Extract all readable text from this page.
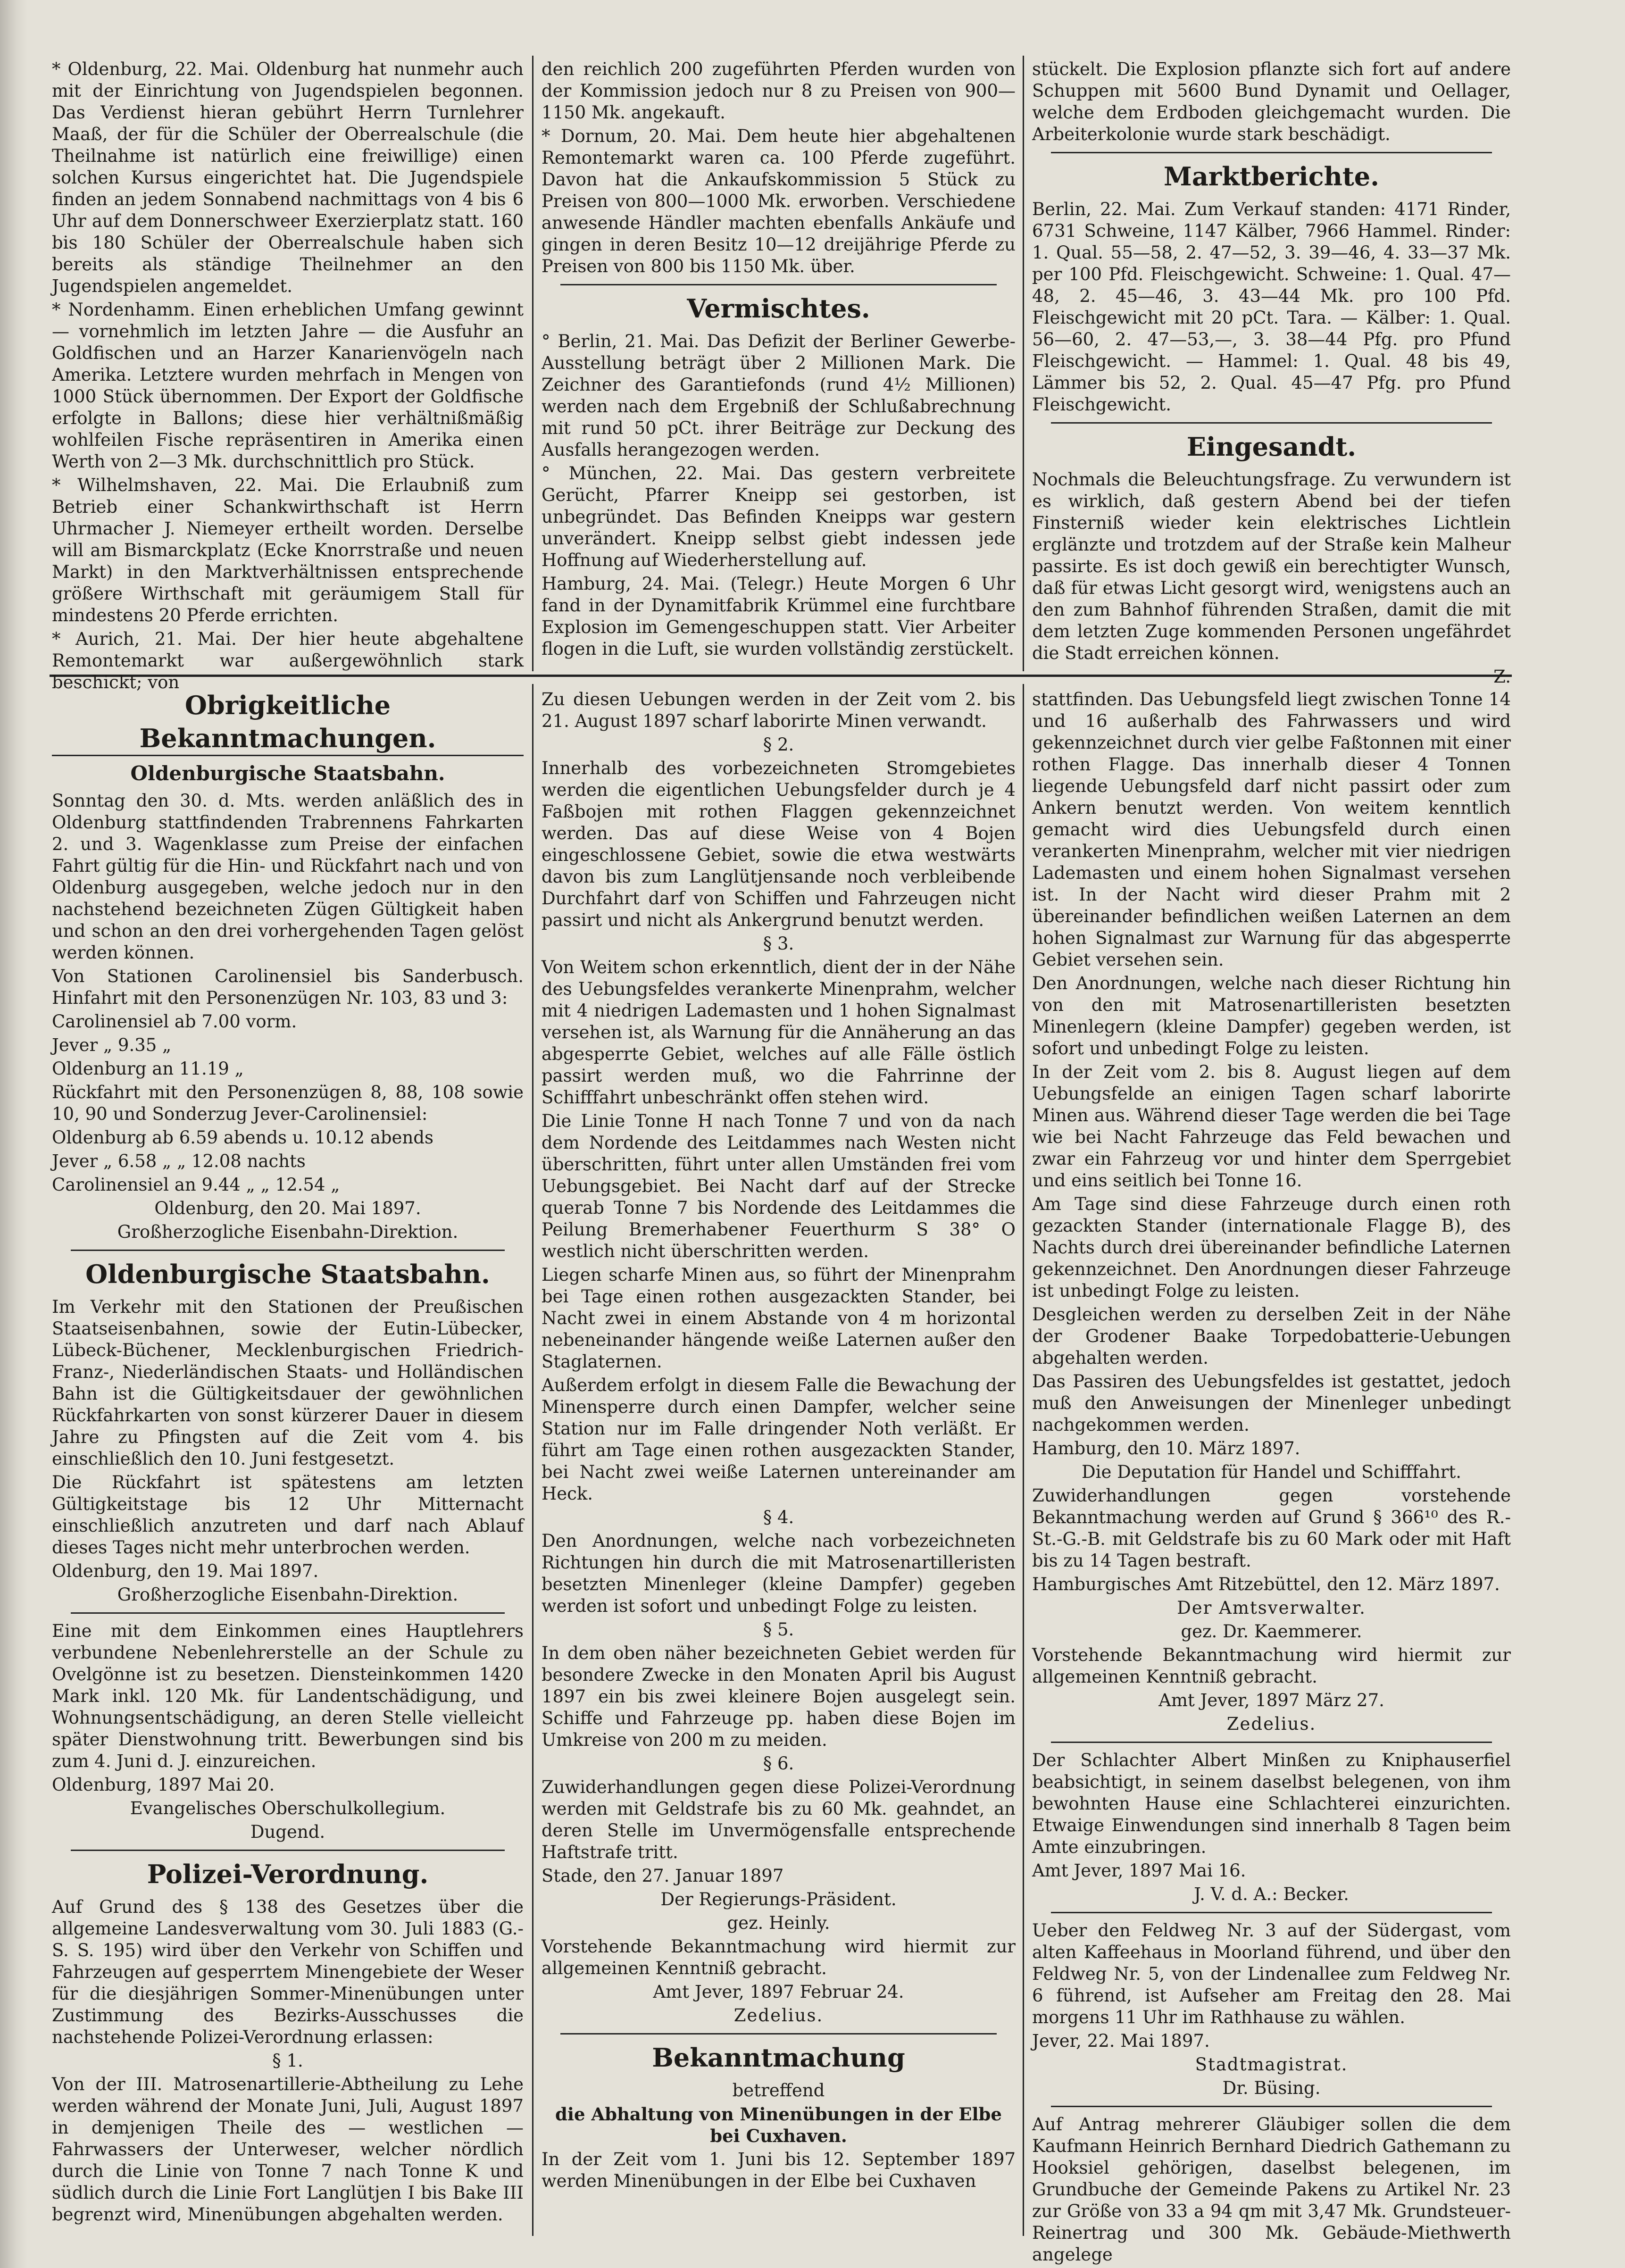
* Oldenburg, 22. Mai. Oldenburg hat nunmehr auch mit der Einrichtung von Jugendspielen begonnen. Das Verdienst hieran gebührt Herrn Turnlehrer Maaß, der für die Schüler der Oberrealschule (die Theilnahme ist natürlich eine freiwillige) einen solchen Kursus eingerichtet hat. Die Jugendspiele finden an jedem Sonnabend nachmittags von 4 bis 6 Uhr auf dem Donnerschweer Exerzierplatz statt. 160 bis 180 Schüler der Oberrealschule haben sich bereits als ständige Theilnehmer an den Jugendspielen angemeldet.

* Nordenhamm. Einen erheblichen Umfang gewinnt — vornehmlich im letzten Jahre — die Ausfuhr an Goldfischen und an Harzer Kanarienvögeln nach Amerika. Letztere wurden mehrfach in Mengen von 1000 Stück übernommen. Der Export der Goldfische erfolgte in Ballons; diese hier verhältnißmäßig wohlfeilen Fische repräsentiren in Amerika einen Werth von 2—3 Mk. durchschnittlich pro Stück.

* Wilhelmshaven, 22. Mai. Die Erlaubniß zum Betrieb einer Schankwirthschaft ist Herrn Uhrmacher J. Niemeyer ertheilt worden. Derselbe will am Bismarckplatz (Ecke Knorrstraße und neuen Markt) in den Marktverhältnissen entsprechende größere Wirthschaft mit geräumigem Stall für mindestens 20 Pferde errichten.

* Aurich, 21. Mai. Der hier heute abgehaltene Remontemarkt war außergewöhnlich stark beschickt; von

den reichlich 200 zugeführten Pferden wurden von der Kommission jedoch nur 8 zu Preisen von 900—1150 Mk. angekauft.

* Dornum, 20. Mai. Dem heute hier abgehaltenen Remontemarkt waren ca. 100 Pferde zugeführt. Davon hat die Ankaufskommission 5 Stück zu Preisen von 800—1000 Mk. erworben. Verschiedene anwesende Händler machten ebenfalls Ankäufe und gingen in deren Besitz 10—12 dreijährige Pferde zu Preisen von 800 bis 1150 Mk. über.

Vermischtes.

° Berlin, 21. Mai. Das Defizit der Berliner Gewerbe-Ausstellung beträgt über 2 Millionen Mark. Die Zeichner des Garantiefonds (rund 4½ Millionen) werden nach dem Ergebniß der Schlußabrechnung mit rund 50 pCt. ihrer Beiträge zur Deckung des Ausfalls herangezogen werden.

° München, 22. Mai. Das gestern verbreitete Gerücht, Pfarrer Kneipp sei gestorben, ist unbegründet. Das Befinden Kneipps war gestern unverändert. Kneipp selbst giebt indessen jede Hoffnung auf Wiederherstellung auf.

Hamburg, 24. Mai. (Telegr.) Heute Morgen 6 Uhr fand in der Dynamitfabrik Krümmel eine furchtbare Explosion im Gemengeschuppen statt. Vier Arbeiter flogen in die Luft, sie wurden vollständig zerstückelt.

stückelt. Die Explosion pflanzte sich fort auf andere Schuppen mit 5600 Bund Dynamit und Oellager, welche dem Erdboden gleichgemacht wurden. Die Arbeiterkolonie wurde stark beschädigt.

Marktberichte.

Berlin, 22. Mai. Zum Verkauf standen: 4171 Rinder, 6731 Schweine, 1147 Kälber, 7966 Hammel. Rinder: 1. Qual. 55—58, 2. 47—52, 3. 39—46, 4. 33—37 Mk. per 100 Pfd. Fleischgewicht. Schweine: 1. Qual. 47—48, 2. 45—46, 3. 43—44 Mk. pro 100 Pfd. Fleischgewicht mit 20 pCt. Tara. — Kälber: 1. Qual. 56—60, 2. 47—53,—, 3. 38—44 Pfg. pro Pfund Fleischgewicht. — Hammel: 1. Qual. 48 bis 49, Lämmer bis 52, 2. Qual. 45—47 Pfg. pro Pfund Fleischgewicht.

Eingesandt.

Nochmals die Beleuchtungsfrage. Zu verwundern ist es wirklich, daß gestern Abend bei der tiefen Finsterniß wieder kein elektrisches Lichtlein erglänzte und trotzdem auf der Straße kein Malheur passirte. Es ist doch gewiß ein berechtigter Wunsch, daß für etwas Licht gesorgt wird, wenigstens auch an den zum Bahnhof führenden Straßen, damit die mit dem letzten Zuge kommenden Personen ungefährdet die Stadt erreichen können.

Z.

Obrigkeitliche Bekanntmachungen.
Oldenburgische Staatsbahn.

Sonntag den 30. d. Mts. werden anläßlich des in Oldenburg stattfindenden Trabrennens Fahrkarten 2. und 3. Wagenklasse zum Preise der einfachen Fahrt gültig für die Hin- und Rückfahrt nach und von Oldenburg ausgegeben, welche jedoch nur in den nachstehend bezeichneten Zügen Gültigkeit haben und schon an den drei vorhergehenden Tagen gelöst werden können.

Von Stationen Carolinensiel bis Sanderbusch. Hinfahrt mit den Personenzügen Nr. 103, 83 und 3:

Carolinensiel ab 7.00 vorm.

Jever „ 9.35 „

Oldenburg an 11.19 „

Rückfahrt mit den Personenzügen 8, 88, 108 sowie 10, 90 und Sonderzug Jever-Carolinensiel:

Oldenburg ab 6.59 abends u. 10.12 abends

Jever „ 6.58 „ „ 12.08 nachts

Carolinensiel an 9.44 „ „ 12.54 „

Oldenburg, den 20. Mai 1897.

Großherzogliche Eisenbahn-Direktion.

Oldenburgische Staatsbahn.

Im Verkehr mit den Stationen der Preußischen Staatseisenbahnen, sowie der Eutin-Lübecker, Lübeck-Büchener, Mecklenburgischen Friedrich-Franz-, Niederländischen Staats- und Holländischen Bahn ist die Gültigkeitsdauer der gewöhnlichen Rückfahrkarten von sonst kürzerer Dauer in diesem Jahre zu Pfingsten auf die Zeit vom 4. bis einschließlich den 10. Juni festgesetzt.

Die Rückfahrt ist spätestens am letzten Gültigkeitstage bis 12 Uhr Mitternacht einschließlich anzutreten und darf nach Ablauf dieses Tages nicht mehr unterbrochen werden.

Oldenburg, den 19. Mai 1897.

Großherzogliche Eisenbahn-Direktion.

Eine mit dem Einkommen eines Hauptlehrers verbundene Nebenlehrerstelle an der Schule zu Ovelgönne ist zu besetzen. Diensteinkommen 1420 Mark inkl. 120 Mk. für Landentschädigung, und Wohnungsentschädigung, an deren Stelle vielleicht später Dienstwohnung tritt. Bewerbungen sind bis zum 4. Juni d. J. einzureichen.

Oldenburg, 1897 Mai 20.

Evangelisches Oberschulkollegium.

Dugend.

Polizei-Verordnung.

Auf Grund des § 138 des Gesetzes über die allgemeine Landesverwaltung vom 30. Juli 1883 (G.-S. S. 195) wird über den Verkehr von Schiffen und Fahrzeugen auf gesperrtem Minengebiete der Weser für die diesjährigen Sommer-Minenübungen unter Zustimmung des Bezirks-Ausschusses die nachstehende Polizei-Verordnung erlassen:

§ 1.

Von der III. Matrosenartillerie-Abtheilung zu Lehe werden während der Monate Juni, Juli, August 1897 in demjenigen Theile des — westlichen — Fahrwassers der Unterweser, welcher nördlich durch die Linie von Tonne 7 nach Tonne K und südlich durch die Linie Fort Langlütjen I bis Bake III begrenzt wird, Minenübungen abgehalten werden.

Zu diesen Uebungen werden in der Zeit vom 2. bis 21. August 1897 scharf laborirte Minen verwandt.

§ 2.

Innerhalb des vorbezeichneten Stromgebietes werden die eigentlichen Uebungsfelder durch je 4 Faßbojen mit rothen Flaggen gekennzeichnet werden. Das auf diese Weise von 4 Bojen eingeschlossene Gebiet, sowie die etwa westwärts davon bis zum Langlütjensande noch verbleibende Durchfahrt darf von Schiffen und Fahrzeugen nicht passirt und nicht als Ankergrund benutzt werden.

§ 3.

Von Weitem schon erkenntlich, dient der in der Nähe des Uebungsfeldes verankerte Minenprahm, welcher mit 4 niedrigen Lademasten und 1 hohen Signalmast versehen ist, als Warnung für die Annäherung an das abgesperrte Gebiet, welches auf alle Fälle östlich passirt werden muß, wo die Fahrrinne der Schifffahrt unbeschränkt offen stehen wird.

Die Linie Tonne H nach Tonne 7 und von da nach dem Nordende des Leitdammes nach Westen nicht überschritten, führt unter allen Umständen frei vom Uebungsgebiet. Bei Nacht darf auf der Strecke querab Tonne 7 bis Nordende des Leitdammes die Peilung Bremerhabener Feuerthurm S 38° O westlich nicht überschritten werden.

Liegen scharfe Minen aus, so führt der Minenprahm bei Tage einen rothen ausgezackten Stander, bei Nacht zwei in einem Abstande von 4 m horizontal nebeneinander hängende weiße Laternen außer den Staglaternen.

Außerdem erfolgt in diesem Falle die Bewachung der Minensperre durch einen Dampfer, welcher seine Station nur im Falle dringender Noth verläßt. Er führt am Tage einen rothen ausgezackten Stander, bei Nacht zwei weiße Laternen untereinander am Heck.

§ 4.

Den Anordnungen, welche nach vorbezeichneten Richtungen hin durch die mit Matrosenartilleristen besetzten Minenleger (kleine Dampfer) gegeben werden ist sofort und unbedingt Folge zu leisten.

§ 5.

In dem oben näher bezeichneten Gebiet werden für besondere Zwecke in den Monaten April bis August 1897 ein bis zwei kleinere Bojen ausgelegt sein. Schiffe und Fahrzeuge pp. haben diese Bojen im Umkreise von 200 m zu meiden.

§ 6.

Zuwiderhandlungen gegen diese Polizei-Verordnung werden mit Geldstrafe bis zu 60 Mk. geahndet, an deren Stelle im Unvermögensfalle entsprechende Haftstrafe tritt.

Stade, den 27. Januar 1897

Der Regierungs-Präsident.

gez. Heinly.

Vorstehende Bekanntmachung wird hiermit zur allgemeinen Kenntniß gebracht.

Amt Jever, 1897 Februar 24.

Zedelius.

Bekanntmachung

betreffend

die Abhaltung von Minenübungen in der Elbe bei Cuxhaven.

In der Zeit vom 1. Juni bis 12. September 1897 werden Minenübungen in der Elbe bei Cuxhaven

stattfinden. Das Uebungsfeld liegt zwischen Tonne 14 und 16 außerhalb des Fahrwassers und wird gekennzeichnet durch vier gelbe Faßtonnen mit einer rothen Flagge. Das innerhalb dieser 4 Tonnen liegende Uebungsfeld darf nicht passirt oder zum Ankern benutzt werden. Von weitem kenntlich gemacht wird dies Uebungsfeld durch einen verankerten Minenprahm, welcher mit vier niedrigen Lademasten und einem hohen Signalmast versehen ist. In der Nacht wird dieser Prahm mit 2 übereinander befindlichen weißen Laternen an dem hohen Signalmast zur Warnung für das abgesperrte Gebiet versehen sein.

Den Anordnungen, welche nach dieser Richtung hin von den mit Matrosenartilleristen besetzten Minenlegern (kleine Dampfer) gegeben werden, ist sofort und unbedingt Folge zu leisten.

In der Zeit vom 2. bis 8. August liegen auf dem Uebungsfelde an einigen Tagen scharf laborirte Minen aus. Während dieser Tage werden die bei Tage wie bei Nacht Fahrzeuge das Feld bewachen und zwar ein Fahrzeug vor und hinter dem Sperrgebiet und eins seitlich bei Tonne 16.

Am Tage sind diese Fahrzeuge durch einen roth gezackten Stander (internationale Flagge B), des Nachts durch drei übereinander befindliche Laternen gekennzeichnet. Den Anordnungen dieser Fahrzeuge ist unbedingt Folge zu leisten.

Desgleichen werden zu derselben Zeit in der Nähe der Grodener Baake Torpedobatterie-Uebungen abgehalten werden.

Das Passiren des Uebungsfeldes ist gestattet, jedoch muß den Anweisungen der Minenleger unbedingt nachgekommen werden.

Hamburg, den 10. März 1897.

Die Deputation für Handel und Schifffahrt.

Zuwiderhandlungen gegen vorstehende Bekanntmachung werden auf Grund § 366¹⁰ des R.-St.-G.-B. mit Geldstrafe bis zu 60 Mark oder mit Haft bis zu 14 Tagen bestraft.

Hamburgisches Amt Ritzebüttel, den 12. März 1897.

Der Amtsverwalter.

gez. Dr. Kaemmerer.

Vorstehende Bekanntmachung wird hiermit zur allgemeinen Kenntniß gebracht.

Amt Jever, 1897 März 27.

Zedelius.

Der Schlachter Albert Minßen zu Kniphauserfiel beabsichtigt, in seinem daselbst belegenen, von ihm bewohnten Hause eine Schlachterei einzurichten. Etwaige Einwendungen sind innerhalb 8 Tagen beim Amte einzubringen.

Amt Jever, 1897 Mai 16.

J. V. d. A.: Becker.

Ueber den Feldweg Nr. 3 auf der Südergast, vom alten Kaffeehaus in Moorland führend, und über den Feldweg Nr. 5, von der Lindenallee zum Feldweg Nr. 6 führend, ist Aufseher am Freitag den 28. Mai morgens 11 Uhr im Rathhause zu wählen.

Jever, 22. Mai 1897.

Stadtmagistrat.

Dr. Büsing.

Auf Antrag mehrerer Gläubiger sollen die dem Kaufmann Heinrich Bernhard Diedrich Gathemann zu Hooksiel gehörigen, daselbst belegenen, im Grundbuche der Gemeinde Pakens zu Artikel Nr. 23 zur Größe von 33 a 94 qm mit 3,47 Mk. Grundsteuer-Reinertrag und 300 Mk. Gebäude-Miethwerth angelege
